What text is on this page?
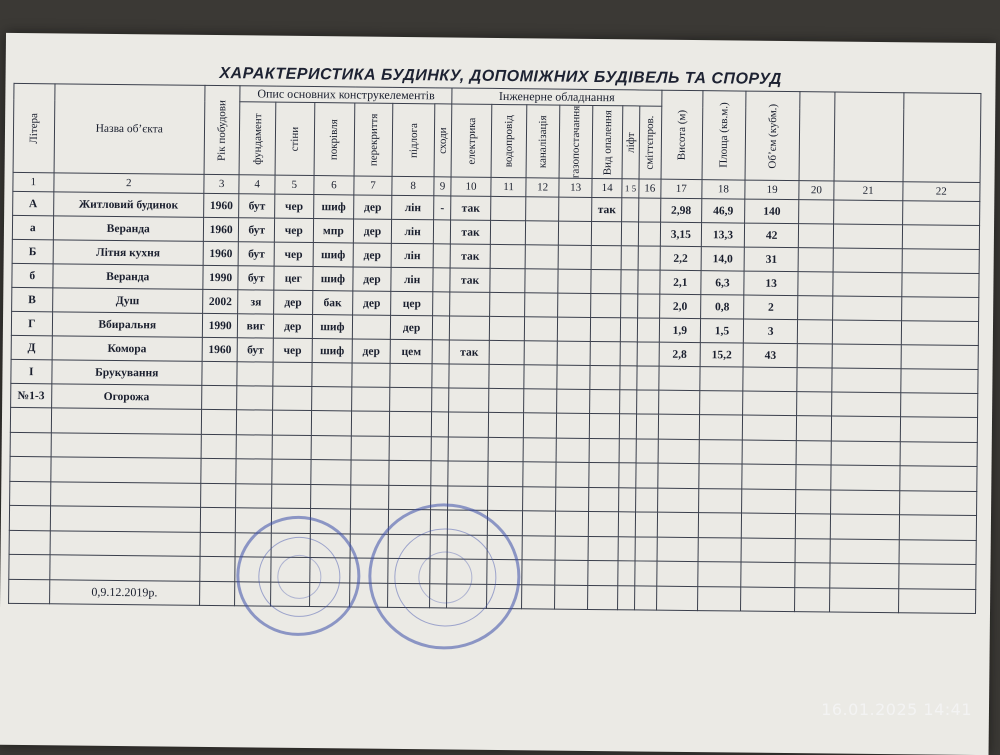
ХАРАКТЕРИСТИКА БУДИНКУ, ДОПОМІЖНИХ БУДІВЕЛЬ ТА СПОРУД
Літера	Назва об’єкта	Рік побудови	Опис основних конструкелементів						Інженерне обладнання							Висота (м)	Площа (кв.м.)	Об’єм (кубм.)			

			фундамент	стіни	покрівля	перекриття	підлога	сходи	електрика	водопровід	каналізація	газопостачання	Вид опалення	ліфт	сміттєпров.						

1	2	3	4	5	6	7	8	9	10	11	12	13	14	1 5	16	17	18	19	20	21	22
А	Житловий будинок	1960	бут	чер	шиф	дер	лін	-	так				так			2,98	46,9	140			
а	Веранда	1960	бут	чер	мпр	дер	лін		так							3,15	13,3	42			
Б	Літня кухня	1960	бут	чер	шиф	дер	лін		так							2,2	14,0	31			
б	Веранда	1990	бут	цег	шиф	дер	лін		так							2,1	6,3	13			
В	Душ	2002	зя	дер	бак	дер	цер									2,0	0,8	2			
Г	Вбиральня	1990	виг	дер	шиф		дер									1,9	1,5	3			
Д	Комора	1960	бут	чер	шиф	дер	цем		так							2,8	15,2	43			
І	Брукування																				
№1-3	Огорожа																				

	0,9.12.2019р.																				
16.01.2025 14:41
